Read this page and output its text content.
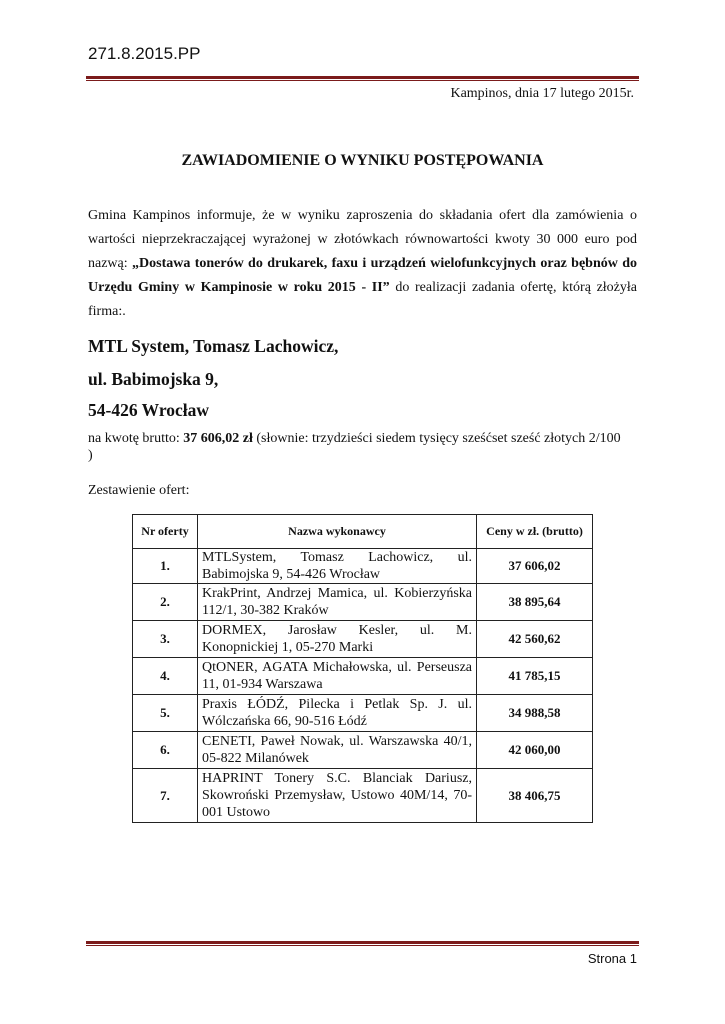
271.8.2015.PP
Kampinos, dnia 17 lutego 2015r.
ZAWIADOMIENIE O WYNIKU POSTĘPOWANIA
Gmina Kampinos informuje, że w wyniku zaproszenia do składania ofert dla zamówienia o wartości nieprzekraczającej wyrażonej w złotówkach równowartości kwoty 30 000 euro pod nazwą: „Dostawa tonerów do drukarek, faxu i urządzeń wielofunkcyjnych oraz bębnów do Urzędu Gminy w Kampinosie w roku 2015 - II” do realizacji zadania ofertę, którą złożyła firma:.
MTL System, Tomasz Lachowicz,
ul. Babimojska 9,
54-426 Wrocław
na kwotę brutto: 37 606,02 zł (słownie: trzydzieści siedem tysięcy sześćset sześć złotych 2/100 )
Zestawienie ofert:
Nr oferty	Nazwa wykonawcy	Ceny w zł. (brutto)
1.	MTLSystem, Tomasz Lachowicz, ul. Babimojska 9, 54-426 Wrocław	37 606,02
2.	KrakPrint, Andrzej Mamica, ul. Kobierzyńska 112/1, 30-382 Kraków	38 895,64
3.	DORMEX, Jarosław Kesler, ul. M. Konopnickiej 1, 05-270 Marki	42 560,62
4.	QtONER, AGATA Michałowska, ul. Perseusza 11, 01-934 Warszawa	41 785,15
5.	Praxis ŁÓDŹ, Pilecka i Petlak Sp. J. ul. Wólczańska 66, 90-516 Łódź	34 988,58
6.	CENETI, Paweł Nowak, ul. Warszawska 40/1, 05-822 Milanówek	42 060,00
7.	HAPRINT Tonery S.C. Blanciak Dariusz, Skowroński Przemysław, Ustowo 40M/14, 70-001 Ustowo	38 406,75
Strona 1
